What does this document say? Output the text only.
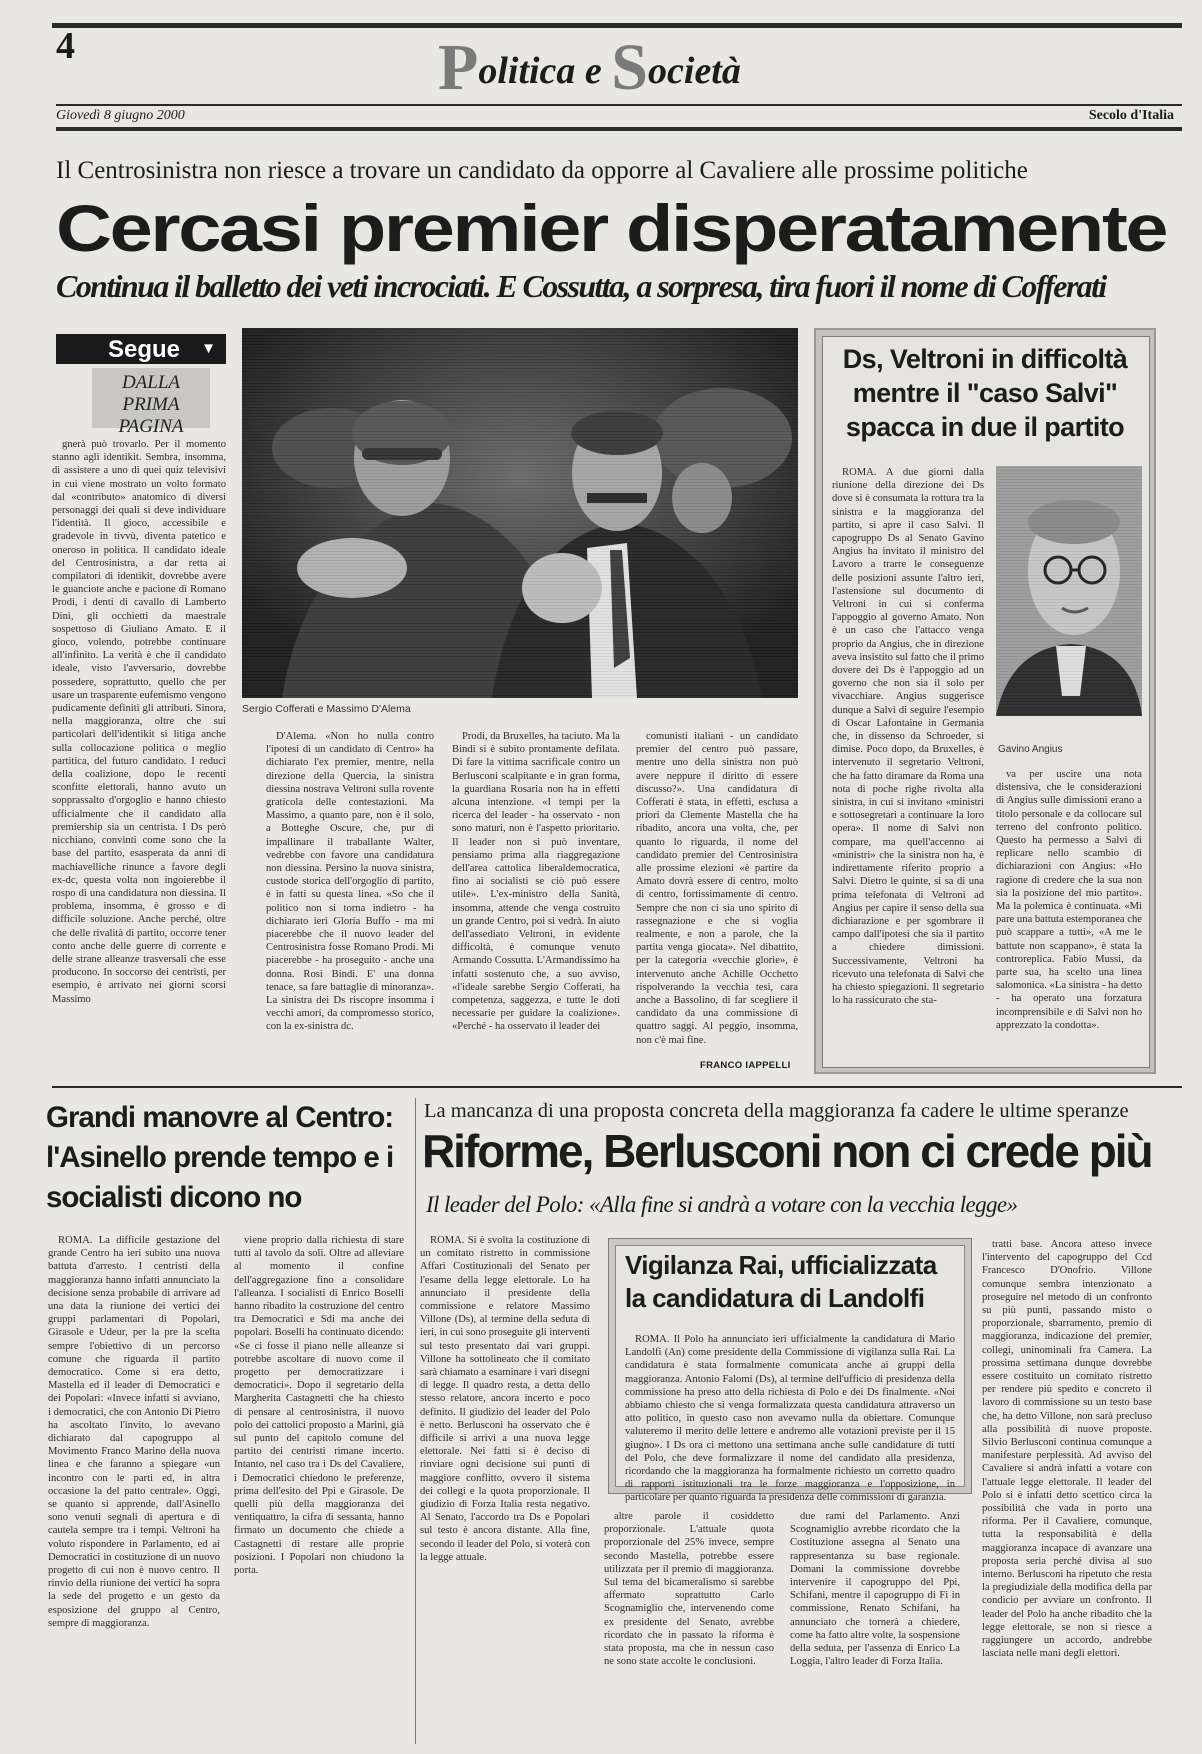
4	Politica e Società
Giovedì 8 giugno 2000	Secolo d'Italia
Il Centrosinistra non riesce a trovare un candidato da opporre al Cavaliere alle prossime politiche
Cercasi premier disperatamente
Continua il balletto dei veti incrociati. E Cossutta, a sorpresa, tira fuori il nome di Cofferati
Segue ▼
DALLA
PRIMA PAGINA

gnerà può trovarlo. Per il momento stanno agli identikit. Sembra, insomma, di assistere a uno di quei quiz televisivi in cui viene mostrato un volto formato dal «contributo» anatomico di diversi personaggi dei quali si deve individuare l'identità. Il gioco, accessibile e gradevole in tivvù, diventa patetico e oneroso in politica. Il candidato ideale del Centrosinistra, a dar retta ai compilatori di identikit, dovrebbe avere le guanciote anche e pacione di Romano Prodi, i denti di cavallo di Lamberto Dini, gli occhietti da maestrale sospettoso di Giuliano Amato. E il gioco, volendo, potrebbe continuare all'infinito. La verità è che il candidato ideale, visto l'avversario, dovrebbe possedere, soprattutto, quello che per usare un trasparente eufemismo vengono pudicamente definiti gli attributi. Sinora, nella maggioranza, oltre che sui particolari dell'identikit si litiga anche sulla collocazione politica o meglio partitica, del futuro candidato. I reduci della coalizione, dopo le recenti sconfitte elettorali, hanno avuto un sopprassalto d'orgoglio e hanno chiesto ufficialmente che il candidato alla premiership sia un centrista. I Ds però nicchiano, convinti come sono che la base del partito, esasperata da anni di machiavelliche rinunce a favore degli ex-dc, questa volta non ingoierebbe il rospo di una candidatura non diessina. Il problema, insomma, è grosso e di difficile soluzione. Anche perché, oltre che delle rivalità di partito, occorre tener conto anche delle guerre di corrente e delle strane alleanze trasversali che esse producono. In soccorso dei centristi, per esempio, è arrivato nei giorni scorsi Massimo

Sergio Cofferati e Massimo D'Alema

D'Alema. «Non ho nulla contro l'ipotesi di un candidato di Centro» ha dichiarato l'ex premier, mentre, nella direzione della Quercia, la sinistra diessina nostrava Veltroni sulla rovente graticola delle contestazioni. Ma Massimo, a quanto pare, non è il solo, a Botteghe Oscure, che, pur di impallinare il traballante Walter, vedrebbe con favore una candidatura non diessina. Persino la nuova sinistra, custode storica dell'orgoglio di partito, è in fatti su questa linea. «So che il politico non si torna indietro - ha dichiarato ieri Gloria Buffo - ma mi piacerebbe che il nuovo leader del Centrosinistra fosse Romano Prodi. Mi piacerebbe - ha proseguito - anche una donna. Rosi Bindi. E' una donna tenace, sa fare battaglie di minoranza». La sinistra dei Ds riscopre insomma i vecchi amori, da compromesso storico, con la ex-sinistra dc.

Prodi, da Bruxelles, ha taciuto. Ma la Bindi si è subito prontamente defilata. Di fare la vittima sacrificale contro un Berlusconi scalpitante e in gran forma, la guardiana Rosaria non ha in effetti alcuna intenzione. «I tempi per la ricerca del leader - ha osservato - non sono maturi, non è l'aspetto prioritario. Il leader non si può inventare, pensiamo prima alla riaggregazione dell'area cattolica liberaldemocratica, fino ai socialisti se ciò può essere utile». L'ex-ministro della Sanità, insomma, attende che venga costruito un grande Centro, poi si vedrà. In aiuto dell'assediato Veltroni, in evidente difficoltà, è comunque venuto Armando Cossutta. L'Armandissimo ha infatti sostenuto che, a suo avviso, «l'ideale sarebbe Sergio Cofferati, ha competenza, saggezza, e tutte le doti necessarie per guidare la coalizione». «Perché - ha osservato il leader dei

comunisti italiani - un candidato premier del centro può passare, mentre uno della sinistra non può avere neppure il diritto di essere discusso?». Una candidatura di Cofferati è stata, in effetti, esclusa a priori da Clemente Mastella che ha ribadito, ancora una volta, che, per quanto lo riguarda, il nome del candidato premier del Centrosinistra alle prossime elezioni «è partire da Amato dovrà essere di centro, molto di centro, fortissimamente di centro. Sempre che non ci sia uno spirito di rassegnazione e che si voglia realmente, e non a parole, che la partita venga giocata». Nel dibattito, per la categoria «vecchie glorie», è intervenuto anche Achille Occhetto rispolverando la vecchia tesi, cara anche a Bassolino, di far scegliere il candidato da una commissione di quattro saggi. Al peggio, insomma, non c'è mai fine.

FRANCO IAPPELLI
Ds, Veltroni in difficoltà mentre il "caso Salvi" spacca in due il partito

ROMA. A due giorni dalla riunione della direzione dei Ds dove si è consumata la rottura tra la sinistra e la maggioranza del partito, si apre il caso Salvi. Il capogruppo Ds al Senato Gavino Angius ha invitato il ministro del Lavoro a trarre le conseguenze delle posizioni assunte l'altro ieri, l'astensione sul documento di Veltroni in cui si conferma l'appoggio al governo Amato. Non è un caso che l'attacco venga proprio da Angius, che in direzione aveva insistito sul fatto che il primo dovere dei Ds è l'appoggio ad un governo che non sia il solo per vivacchiare. Angius suggerisce dunque a Salvi di seguire l'esempio di Oscar Lafontaine in Germania che, in dissenso da Schroeder, si dimise. Poco dopo, da Bruxelles, è intervenuto il segretario Veltroni, che ha fatto diramare da Roma una nota di poche righe rivolta alla sinistra, in cui si invitano «ministri e sottosegretari a continuare la loro opera». Il nome di Salvi non compare, ma quell'accenno ai «ministri» che la sinistra non ha, è indirettamente riferito proprio a Salvi. Dietro le quinte, si sa di una prima telefonata di Veltroni ad Angius per capire il senso della sua dichiarazione e per sgombrare il campo dall'ipotesi che sia il partito a chiedere dimissioni. Successivamente, Veltroni ha ricevuto una telefonata di Salvi che ha chiesto spiegazioni. Il segretario lo ha rassicurato che sta-

Gavino Angius

va per uscire una nota distensiva, che le considerazioni di Angius sulle dimissioni erano a titolo personale e da collocare sul terreno del confronto politico. Questo ha permesso a Salvi di replicare nello scambio di dichiarazioni con Angius: «Ho ragione di credere che la sua non sia la posizione del mio partito». Ma la polemica è continuata. «Mi pare una battuta estemporanea che può scappare a tutti», «A me le battute non scappano», è stata la controreplica. Fabio Mussi, da parte sua, ha scelto una linea salomonica. «La sinistra - ha detto - ha operato una forzatura incomprensibile e di Salvi non ho apprezzato la condotta».

Grandi manovre al Centro: l'Asinello prende tempo e i socialisti dicono no

ROMA. La difficile gestazione del grande Centro ha ieri subito una nuova battuta d'arresto. I centristi della maggioranza hanno infatti annunciato la decisione senza probabile di arrivare ad una data la riunione dei vertici dei gruppi parlamentari di Popolari, Girasole e Udeur, per la pre la scelta sempre l'obiettivo di un percorso comune che riguarda il partito democratico. Come si era detto, Mastella ed il leader di Democratici e dei Popolari: «Invece infatti si avviano, i democratici, che con Antonio Di Pietro ha ascoltato l'invito, lo avevano dichiarato dal capogruppo al Movimento Franco Marino della nuova linea e che faranno a spiegare «un incontro con le parti ed, in altra occasione la del patto centrale». Oggi, se quanto si apprende, dall'Asinello sono venuti segnali di apertura e di cautela sempre tra i tempi. Veltroni ha voluto rispondere in Parlamento, ed ai Democratici in costituzione di un nuovo progetto di cui non è nuovo centro. Il rinvio della riunione dei vertici ha sopra la sede del progetto e un gesto da esposizione del gruppo al Centro, sempre di maggioranza.

viene proprio dalla richiesta di stare tutti al tavolo da soli. Oltre ad alleviare al momento il confine dell'aggregazione fino a consolidare l'alleanza. I socialisti di Enrico Boselli hanno ribadito la costruzione del centro tra Democratici e Sdi ma anche dei popolari. Boselli ha continuato dicendo: «Se ci fosse il piano nelle alleanze si potrebbe ascoltare di nuovo come il progetto per democratizzare i democratici». Dopo il segretario della Margherita Castagnetti che ha chiesto di pensare al centrosinistra, il nuovo polo dei cattolici proposto a Marini, già sul punto del capitolo comune del partito dei centristi rimane incerto. Intanto, nel caso tra i Ds del Cavaliere, i Democratici chiedono le preferenze, prima dell'esito del Ppi e Girasole. De quelli più della maggioranza dei ventiquattro, la cifra di sessanta, hanno firmato un documento che chiede a Castagnetti di restare alle proprie posizioni. I Popolari non chiudono la porta.

La mancanza di una proposta concreta della maggioranza fa cadere le ultime speranze
Riforme, Berlusconi non ci crede più
Il leader del Polo: «Alla fine si andrà a votare con la vecchia legge»

ROMA. Si è svolta la costituzione di un comitato ristretto in commissione Affari Costituzionali del Senato per l'esame della legge elettorale. Lo ha annunciato il presidente della commissione e relatore Massimo Villone (Ds), al termine della seduta di ieri, in cui sono proseguite gli interventi sul testo presentato dai vari gruppi. Villone ha sottolineato che il comitato sarà chiamato a esaminare i vari disegni di legge. Il quadro resta, a detta dello stesso relatore, ancora incerto e poco definito. Il giudizio del leader del Polo è netto. Berlusconi ha osservato che è difficile si arrivi a una nuova legge elettorale. Nei fatti si è deciso di rinviare ogni decisione sui punti di maggiore conflitto, ovvero il sistema dei collegi e la quota proporzionale. Il giudizio di Forza Italia resta negativo. Al Senato, l'accordo tra Ds e Popolari sul testo è ancora distante. Alla fine, secondo il leader del Polo, si voterà con la legge attuale.

Vigilanza Rai, ufficializzata la candidatura di Landolfi

ROMA. Il Polo ha annunciato ieri ufficialmente la candidatura di Mario Landolfi (An) come presidente della Commissione di vigilanza sulla Rai. La candidatura è stata formalmente comunicata anche ai gruppi della maggioranza. Antonio Falomi (Ds), al termine dell'ufficio di presidenza della commissione ha preso atto della richiesta di Polo e dei Ds finalmente. «Noi abbiamo chiesto che si venga formalizzata questa candidatura attraverso un atto politico, in questo caso non avevamo nulla da obiettare. Comunque valuteremo il merito delle lettere e andremo alle votazioni previste per il 15 giugno». I Ds ora ci mettono una settimana anche sulle candidature di tutti del Polo, che deve formalizzare il nome del candidato alla presidenza, ricordando che la maggioranza ha formalmente richiesto un corretto quadro di rapporti istituzionali tra le forze maggioranza e l'opposizione, in particolare per quanto riguarda la presidenza delle commissioni di garanzia.

altre parole il cosiddetto proporzionale. L'attuale quota proporzionale del 25% invece, sempre secondo Mastella, potrebbe essere utilizzata per il premio di maggioranza. Sul tema del bicameralismo si sarebbe affermato soprattutto Carlo Scognamiglio che, intervenendo come ex presidente del Senato, avrebbe ricordato che in passato la riforma è stata proposta, ma che in nessun caso ne sono state accolte le conclusioni.

due rami del Parlamento. Anzi Scognamiglio avrebbe ricordato che la Costituzione assegna al Senato una rappresentanza su base regionale. Domani la commissione dovrebbe intervenire il capogruppo del Ppi, Schifani, mentre il capogruppo di Fi in commissione, Renato Schifani, ha annunciato che tornerà a chiedere, come ha fatto altre volte, la sospensione della seduta, per l'assenza di Enrico La Loggia, l'altro leader di Forza Italia.

tratti base. Ancora atteso invece l'intervento del capogruppo del Ccd Francesco D'Onofrio. Villone comunque sembra intenzionato a proseguire nel metodo di un confronto su più punti, passando misto o proporzionale, sbarramento, premio di maggioranza, indicazione del premier, collegi, uninominali fra Camera. La prossima settimana dunque dovrebbe essere costituito un comitato ristretto per rendere più spedito e concreto il lavoro di commissione su un testo base che, ha detto Villone, non sarà precluso alla possibilità di nuove proposte. Silvio Berlusconi continua comunque a manifestare perplessità. Ad avviso del Cavaliere si andrà infatti a votare con l'attuale legge elettorale. Il leader del Polo si è infatti detto scettico circa la possibilità che vada in porto una riforma. Per il Cavaliere, comunque, tutta la responsabilità è della maggioranza incapace di avanzare una proposta seria perché divisa al suo interno. Berlusconi ha ripetuto che resta la pregiudiziale della modifica della par condicio per avviare un confronto. Il leader del Polo ha anche ribadito che la legge elettorale, se non si riesce a raggiungere un accordo, andrebbe lasciata nelle mani degli elettori.
